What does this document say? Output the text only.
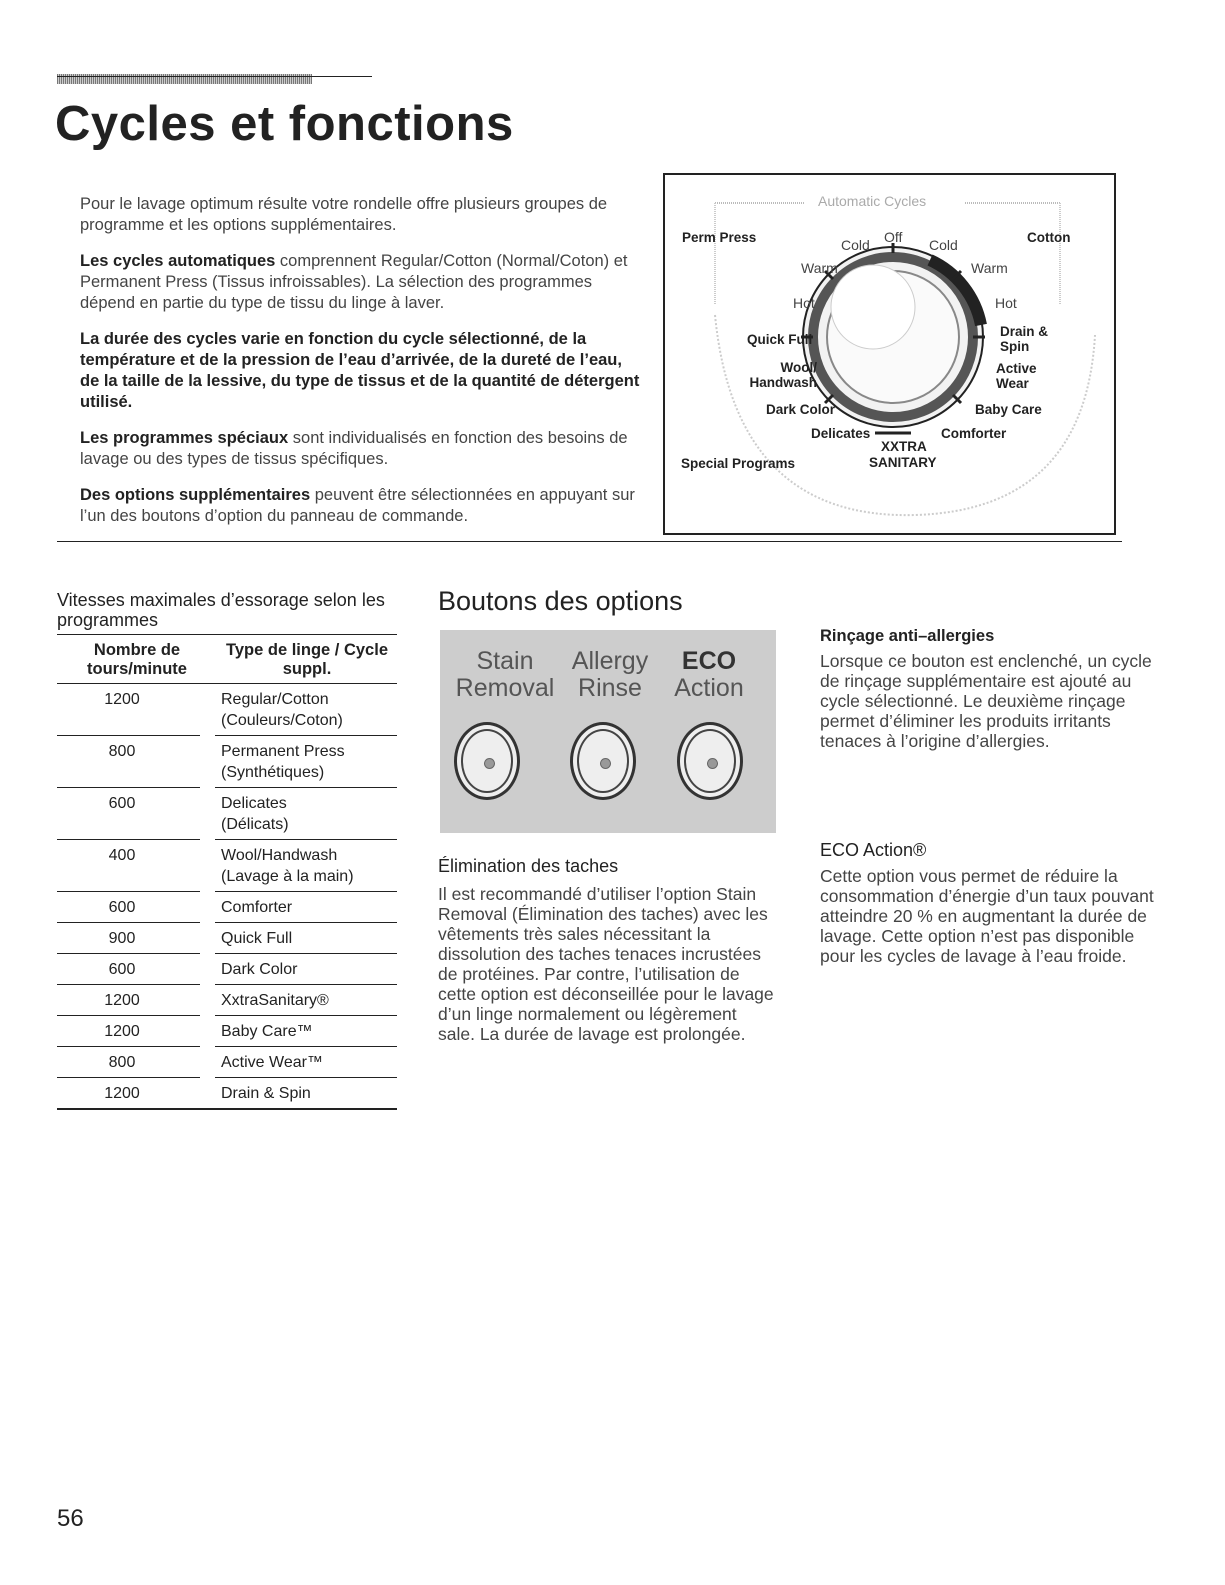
Cycles et fonctions

Pour le lavage optimum résulte votre rondelle offre plusieurs groupes de programme et les options supplémentaires.

Les cycles automatiques comprennent Regular/Cotton (Normal/Coton) et Permanent Press (Tissus infroissables). La sélection des programmes dépend en partie du type de tissu du linge à laver.

La durée des cycles varie en fonction du cycle sélectionné, de la température et de la pression de l’eau d’arrivée, de la dureté de l’eau, de la taille de la lessive, du type de tissus et de la quantité de détergent utilisé.

Les programmes spéciaux sont individualisés en fonction des besoins de lavage ou des types de tissus spécifiques.

Des options supplémentaires peuvent être sélectionnées en appuyant sur l’un des boutons d’option du panneau de commande.

Automatic Cycles
Perm Press	Cotton
Cold Off Cold
Warm	Warm
Hot	Hot
Quick Full
Drain & Spin
Wool/ Handwash
Active Wear
Dark Color	Baby Care
Delicates	Comforter
XXTRA
SANITARY
Special Programs
Vitesses maximales d’essorage selon les programmes
Nombre de tours/minute
Type de linge / Cycle suppl.
1200	Regular/Cotton
(Couleurs/Coton)
800	Permanent Press
(Synthétiques)
600	Delicates
(Délicats)
400	Wool/Handwash
(Lavage à la main)
600	Comforter
900	Quick Full
600	Dark Color
1200	XxtraSanitary®
1200	Baby Care™
800	Active Wear™
1200	Drain & Spin
Boutons des options
Stain
Removal
Allergy
Rinse
ECO
Action
Élimination des taches
Il est recommandé d’utiliser l’option Stain Removal (Élimination des taches) avec les vêtements très sales nécessitant la dissolution des taches tenaces incrustées de protéines. Par contre, l’utilisation de cette option est déconseillée pour le lavage d’un linge normalement ou légèrement sale. La durée de lavage est prolongée.
Rinçage anti–allergies
Lorsque ce bouton est enclenché, un cycle de rinçage supplémentaire est ajouté au cycle sélectionné. Le deuxième rinçage permet d’éliminer les produits irritants tenaces à l’origine d’allergies.
ECO Action®
Cette option vous permet de réduire la consommation d’énergie d’un taux pouvant atteindre 20 % en augmentant la durée de lavage. Cette option n’est pas disponible pour les cycles de lavage à l’eau froide.
56
